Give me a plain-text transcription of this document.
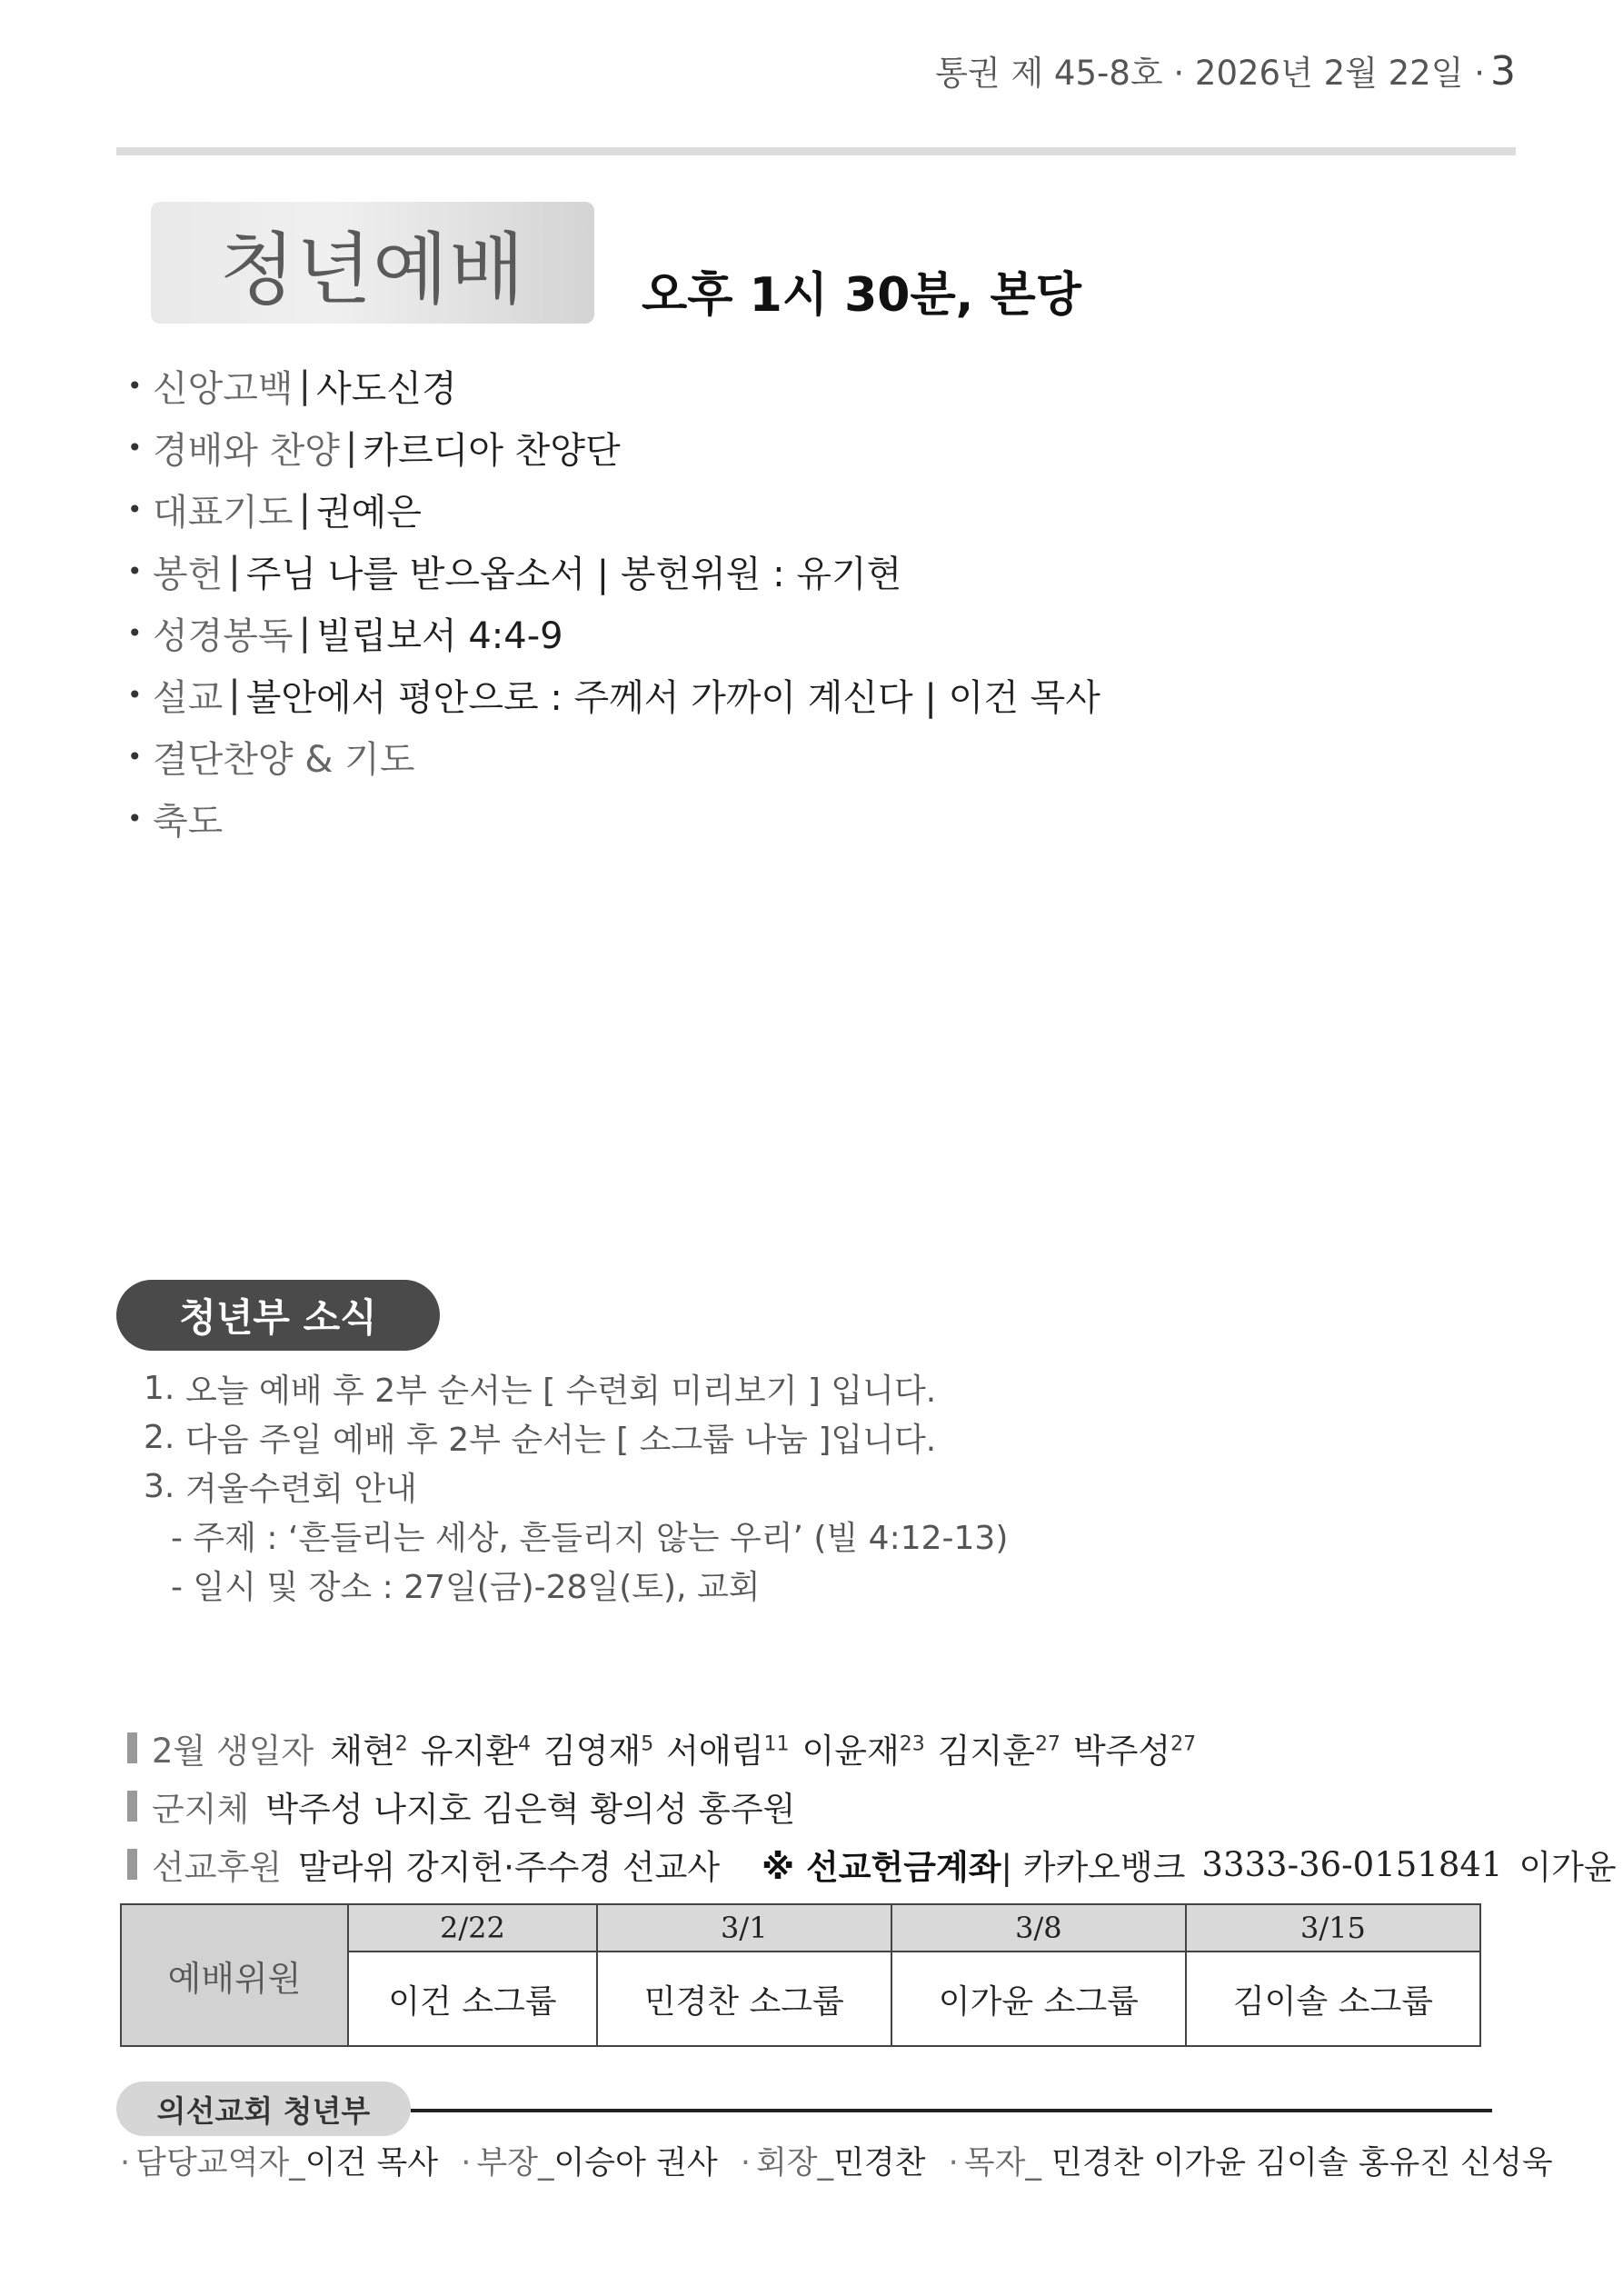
통권 제 45-8호 · 2026년 2월 22일 · 3
청년예배 오후 1시 30분, 본당
• 신앙고백 | 사도신경
• 경배와 찬양 | 카르디아 찬양단
• 대표기도 | 권예은
• 봉헌 | 주님 나를 받으옵소서 | 봉헌위원 : 유기현
• 성경봉독 | 빌립보서 4:4-9
• 설교 | 불안에서 평안으로 : 주께서 가까이 계신다 | 이건 목사
• 결단찬양 & 기도
• 축도
청년부 소식
1. 오늘 예배 후 2부 순서는 [ 수련회 미리보기 ] 입니다.
2. 다음 주일 예배 후 2부 순서는 [ 소그룹 나눔 ]입니다.
3. 겨울수련회 안내
- 주제 : ‘흔들리는 세상, 흔들리지 않는 우리’ (빌 4:12-13)
- 일시 및 장소 : 27일(금)-28일(토), 교회
2월 생일자 채현$^2$ 유지환$^4$ 김영재$^5$ 서애림$^{11}$ 이윤재$^{23}$ 김지훈$^{27}$ 박주성$^{27}$
군지체 박주성 나지호 김은혁 황의성 홍주원
선교후원 말라위 강지헌·주수경 선교사 ※ 선교헌금계좌 | 카카오뱅크 3333-36-0151841 이가윤
예배위원	2/22	3/1	3/8	3/15
	이건 소그룹	민경찬 소그룹	이가윤 소그룹	김이솔 소그룹
의선교회 청년부
· 담당교역자_이건 목사 · 부장_이승아 권사 · 회장_민경찬 · 목자_ 민경찬 이가윤 김이솔 홍유진 신성욱
